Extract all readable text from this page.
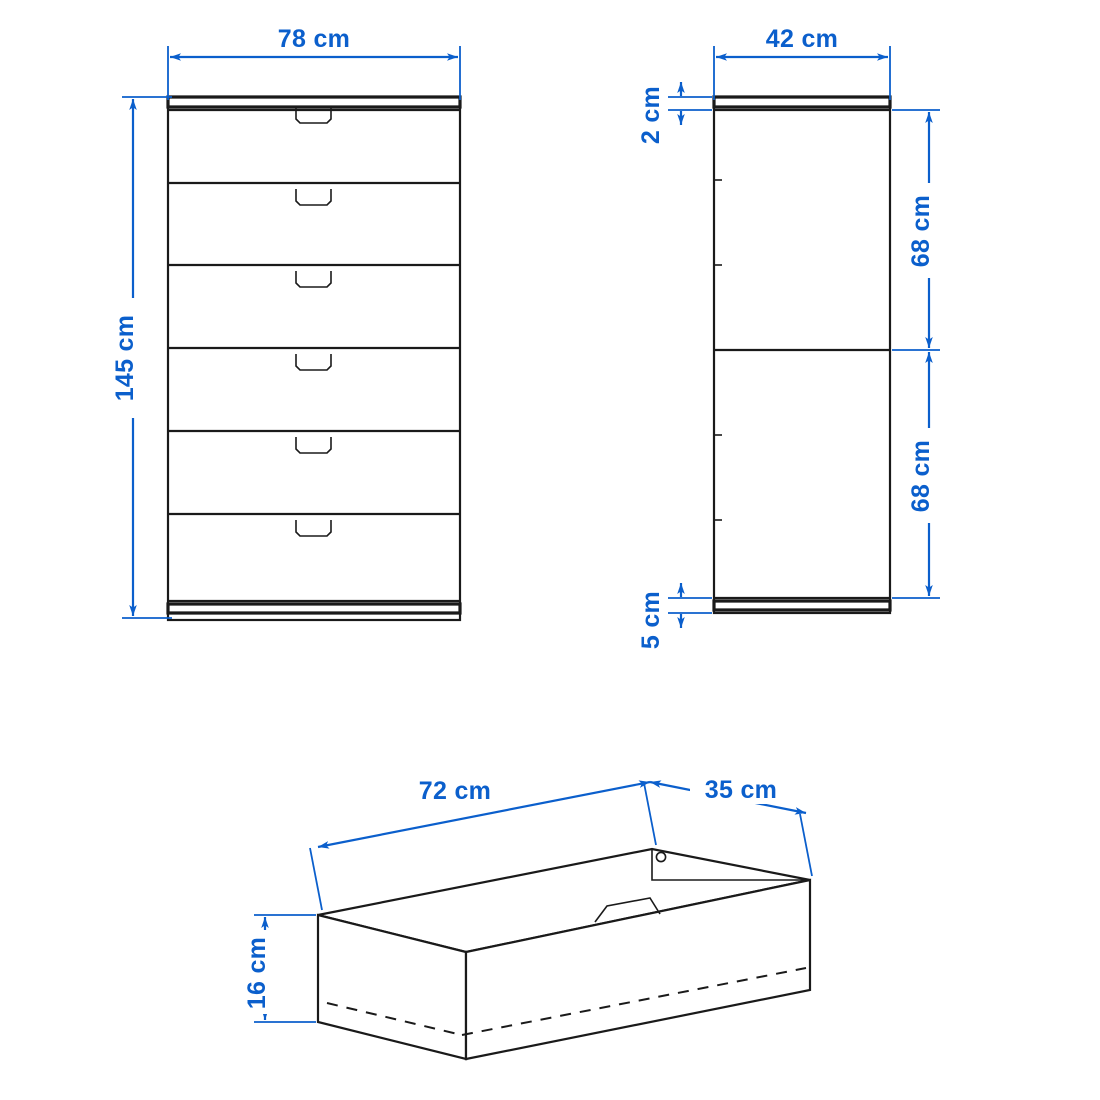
78 cm
145 cm
42 cm
2 cm
68 cm
68 cm
5 cm
72 cm	35 cm
16 cm
